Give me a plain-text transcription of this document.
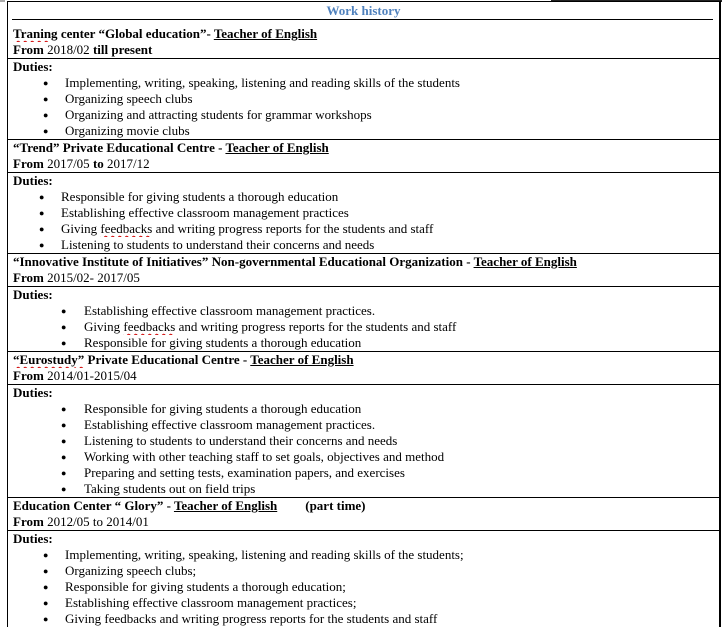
Work history
Traning center “Global education”- Teacher of English
From 2018/02 till present
Duties:
● Implementing, writing, speaking, listening and reading skills of the students
● Organizing speech clubs
● Organizing and attracting students for grammar workshops
● Organizing movie clubs
“Trend” Private Educational Centre - Teacher of English
From 2017/05 to 2017/12
Duties:
● Responsible for giving students a thorough education
● Establishing effective classroom management practices
● Giving feedbacks and writing progress reports for the students and staff
● Listening to students to understand their concerns and needs
“Innovative Institute of Initiatives” Non-governmental Educational Organization - Teacher of English
From 2015/02- 2017/05
Duties:
● Establishing effective classroom management practices.
● Giving feedbacks and writing progress reports for the students and staff
● Responsible for giving students a thorough education
“Eurostudy” Private Educational Centre - Teacher of English
From 2014/01-2015/04
Duties:
● Responsible for giving students a thorough education
● Establishing effective classroom management practices.
● Listening to students to understand their concerns and needs
● Working with other teaching staff to set goals, objectives and method
● Preparing and setting tests, examination papers, and exercises
● Taking students out on field trips
Education Center “ Glory” - Teacher of English (part time)
From 2012/05 to 2014/01
Duties:
● Implementing, writing, speaking, listening and reading skills of the students;
● Organizing speech clubs;
● Responsible for giving students a thorough education;
● Establishing effective classroom management practices;
● Giving feedbacks and writing progress reports for the students and staff
